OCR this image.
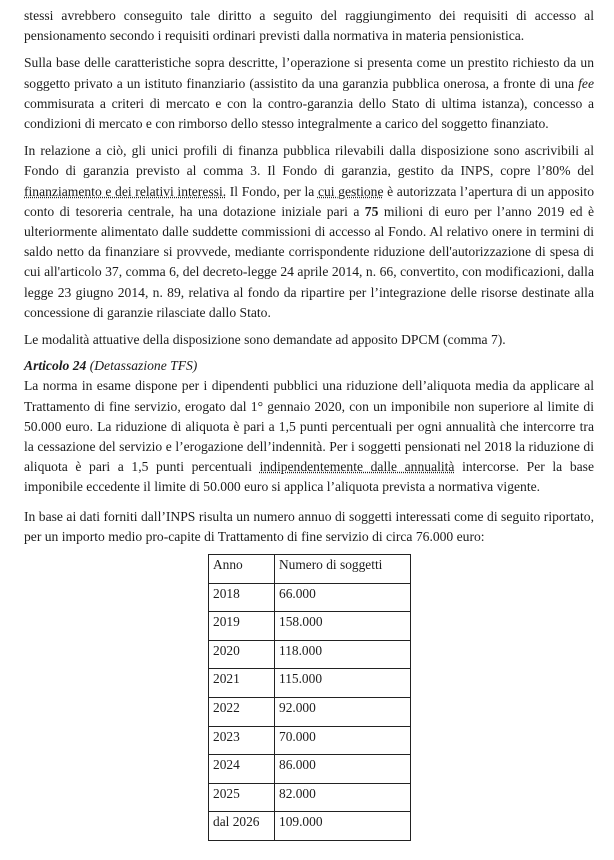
stessi avrebbero conseguito tale diritto a seguito del raggiungimento dei requisiti di accesso al pensionamento secondo i requisiti ordinari previsti dalla normativa in materia pensionistica.

Sulla base delle caratteristiche sopra descritte, l’operazione si presenta come un prestito richiesto da un soggetto privato a un istituto finanziario (assistito da una garanzia pubblica onerosa, a fronte di una fee commisurata a criteri di mercato e con la contro-garanzia dello Stato di ultima istanza), concesso a condizioni di mercato e con rimborso dello stesso integralmente a carico del soggetto finanziato.

In relazione a ciò, gli unici profili di finanza pubblica rilevabili dalla disposizione sono ascrivibili al Fondo di garanzia previsto al comma 3. Il Fondo di garanzia, gestito da INPS, copre l’80% del finanziamento e dei relativi interessi. Il Fondo, per la cui gestione è autorizzata l’apertura di un apposito conto di tesoreria centrale, ha una dotazione iniziale pari a 75 milioni di euro per l’anno 2019 ed è ulteriormente alimentato dalle suddette commissioni di accesso al Fondo. Al relativo onere in termini di saldo netto da finanziare si provvede, mediante corrispondente riduzione dell'autorizzazione di spesa di cui all'articolo 37, comma 6, del decreto-legge 24 aprile 2014, n. 66, convertito, con modificazioni, dalla legge 23 giugno 2014, n. 89, relativa al fondo da ripartire per l’integrazione delle risorse destinate alla concessione di garanzie rilasciate dallo Stato.

Le modalità attuative della disposizione sono demandate ad apposito DPCM (comma 7).

Articolo 24 (Detassazione TFS)

La norma in esame dispone per i dipendenti pubblici una riduzione dell’aliquota media da applicare al Trattamento di fine servizio, erogato dal 1° gennaio 2020, con un imponibile non superiore al limite di 50.000 euro. La riduzione di aliquota è pari a 1,5 punti percentuali per ogni annualità che intercorre tra la cessazione del servizio e l’erogazione dell’indennità. Per i soggetti pensionati nel 2018 la riduzione di aliquota è pari a 1,5 punti percentuali indipendentemente dalle annualità intercorse. Per la base imponibile eccedente il limite di 50.000 euro si applica l’aliquota prevista a normativa vigente.

In base ai dati forniti dall’INPS risulta un numero annuo di soggetti interessati come di seguito riportato, per un importo medio pro-capite di Trattamento di fine servizio di circa 76.000 euro:

Anno	Numero di soggetti
2018	66.000
2019	158.000
2020	118.000
2021	115.000
2022	92.000
2023	70.000
2024	86.000
2025	82.000
dal 2026	109.000
